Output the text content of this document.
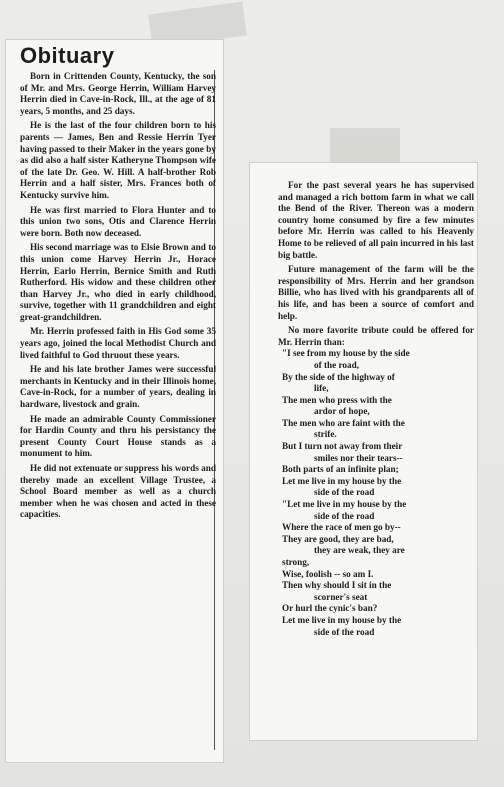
Obituary

Born in Crittenden County, Kentucky, the son of Mr. and Mrs. George Herrin, William Harvey Herrin died in Cave-in-Rock, Ill., at the age of 81 years, 5 months, and 25 days.

He is the last of the four children born to his parents — James, Ben and Ressie Herrin Tyer having passed to their Maker in the years gone by as did also a half sister Katheryne Thompson wife of the late Dr. Geo. W. Hill. A half-brother Rob Herrin and a half sister, Mrs. Frances both of Kentucky survive him.

He was first married to Flora Hunter and to this union two sons, Otis and Clarence Herrin were born. Both now deceased.

His second marriage was to Elsie Brown and to this union come Harvey Herrin Jr., Horace Herrin, Earlo Herrin, Bernice Smith and Ruth Rutherford. His widow and these children other than Harvey Jr., who died in early childhood, survive, together with 11 grandchildren and eight great-grandchildren.

Mr. Herrin professed faith in His God some 35 years ago, joined the local Methodist Church and lived faithful to God thruout these years.

He and his late brother James were successful merchants in Kentucky and in their Illinois home, Cave-in-Rock, for a number of years, dealing in hardware, livestock and grain.

He made an admirable County Commissioner for Hardin County and thru his persistancy the present County Court House stands as a monument to him.

He did not extenuate or suppress his words and thereby made an excellent Village Trustee, a School Board member as well as a church member when he was chosen and acted in these capacities.

For the past several years he has supervised and managed a rich bottom farm in what we call the Bend of the River. Thereon was a modern country home consumed by fire a few minutes before Mr. Herrin was called to his Heavenly Home to be relieved of all pain incurred in his last big battle.

Future management of the farm will be the responsibility of Mrs. Herrin and her grandson Billie, who has lived with his grandparents all of his life, and has been a source of comfort and help.

No more favorite tribute could be offered for Mr. Herrin than:

"I see from my house by the side

of the road,

By the side of the highway of

life,

The men who press with the

ardor of hope,

The men who are faint with the

strife.

But I turn not away from their

smiles nor their tears--

Both parts of an infinite plan;

Let me live in my house by the

side of the road

"Let me live in my house by the

side of the road

Where the race of men go by--

They are good, they are bad,

they are weak, they are

strong,

Wise, foolish -- so am I.

Then why should I sit in the

scorner's seat

Or hurl the cynic's ban?

Let me live in my house by the

side of the road
